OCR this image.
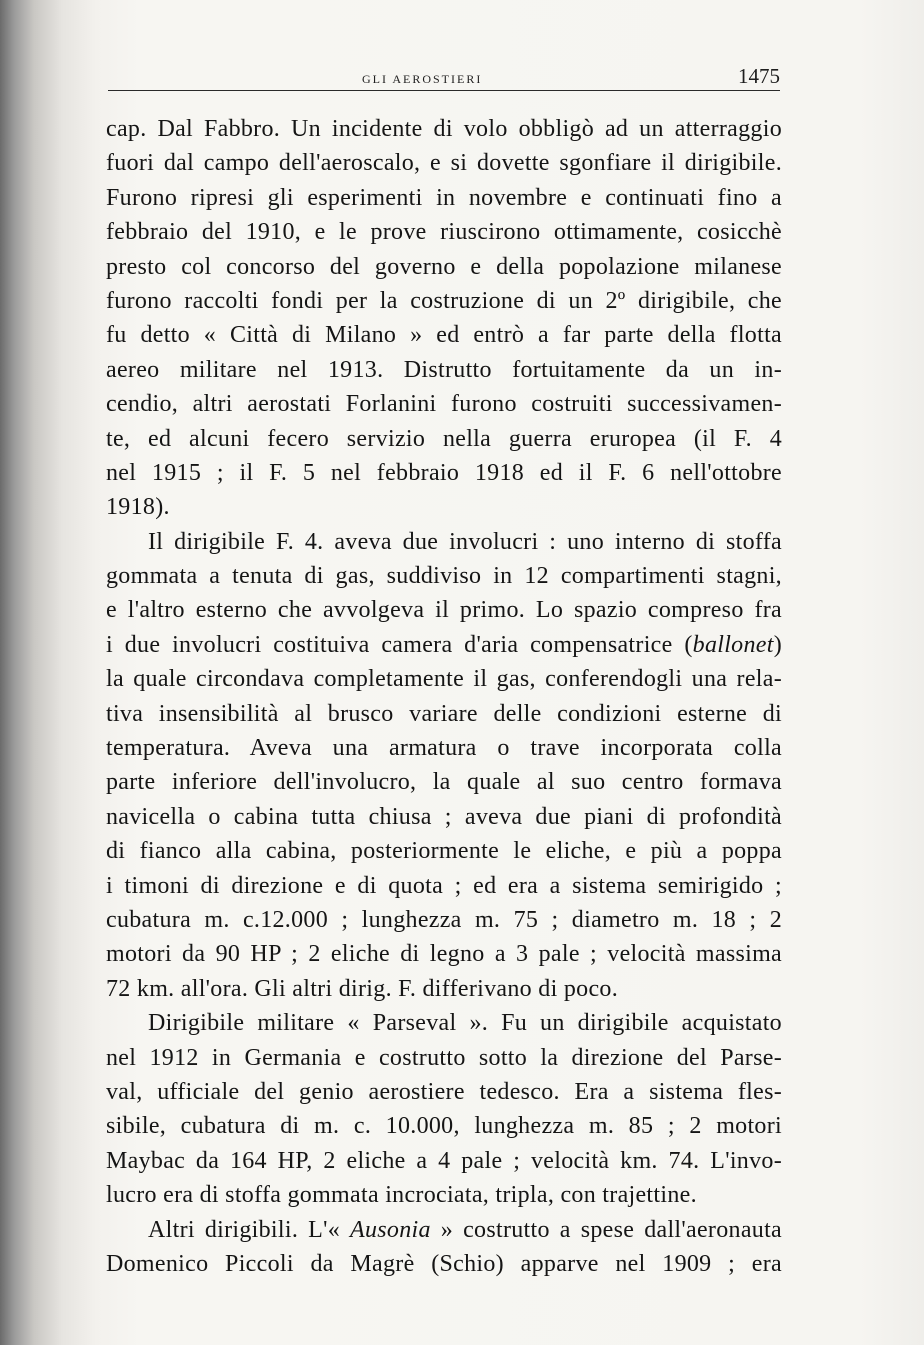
GLI AEROSTIERI	1475
cap. Dal Fabbro. Un incidente di volo obbligò ad un atterraggio
fuori dal campo dell'aeroscalo, e si dovette sgonfiare il dirigibile.
Furono ripresi gli esperimenti in novembre e continuati fino a
febbraio del 1910, e le prove riuscirono ottimamente, cosicchè
presto col concorso del governo e della popolazione milanese
furono raccolti fondi per la costruzione di un 2º dirigibile, che
fu detto « Città di Milano » ed entrò a far parte della flotta
aereo militare nel 1913. Distrutto fortuitamente da un in-
cendio, altri aerostati Forlanini furono costruiti successivamen-
te, ed alcuni fecero servizio nella guerra eruropea (il F. 4
nel 1915 ; il F. 5 nel febbraio 1918 ed il F. 6 nell'ottobre
1918).
Il dirigibile F. 4. aveva due involucri : uno interno di stoffa
gommata a tenuta di gas, suddiviso in 12 compartimenti stagni,
e l'altro esterno che avvolgeva il primo. Lo spazio compreso fra
i due involucri costituiva camera d'aria compensatrice (ballonet)
la quale circondava completamente il gas, conferendogli una rela-
tiva insensibilità al brusco variare delle condizioni esterne di
temperatura. Aveva una armatura o trave incorporata colla
parte inferiore dell'involucro, la quale al suo centro formava
navicella o cabina tutta chiusa ; aveva due piani di profondità
di fianco alla cabina, posteriormente le eliche, e più a poppa
i timoni di direzione e di quota ; ed era a sistema semirigido ;
cubatura m. c.12.000 ; lunghezza m. 75 ; diametro m. 18 ; 2
motori da 90 HP ; 2 eliche di legno a 3 pale ; velocità massima
72 km. all'ora. Gli altri dirig. F. differivano di poco.
Dirigibile militare « Parseval ». Fu un dirigibile acquistato
nel 1912 in Germania e costrutto sotto la direzione del Parse-
val, ufficiale del genio aerostiere tedesco. Era a sistema fles-
sibile, cubatura di m. c. 10.000, lunghezza m. 85 ; 2 motori
Maybac da 164 HP, 2 eliche a 4 pale ; velocità km. 74. L'invo-
lucro era di stoffa gommata incrociata, tripla, con trajettine.
Altri dirigibili. L'« Ausonia » costrutto a spese dall'aeronauta
Domenico Piccoli da Magrè (Schio) apparve nel 1909 ; era
